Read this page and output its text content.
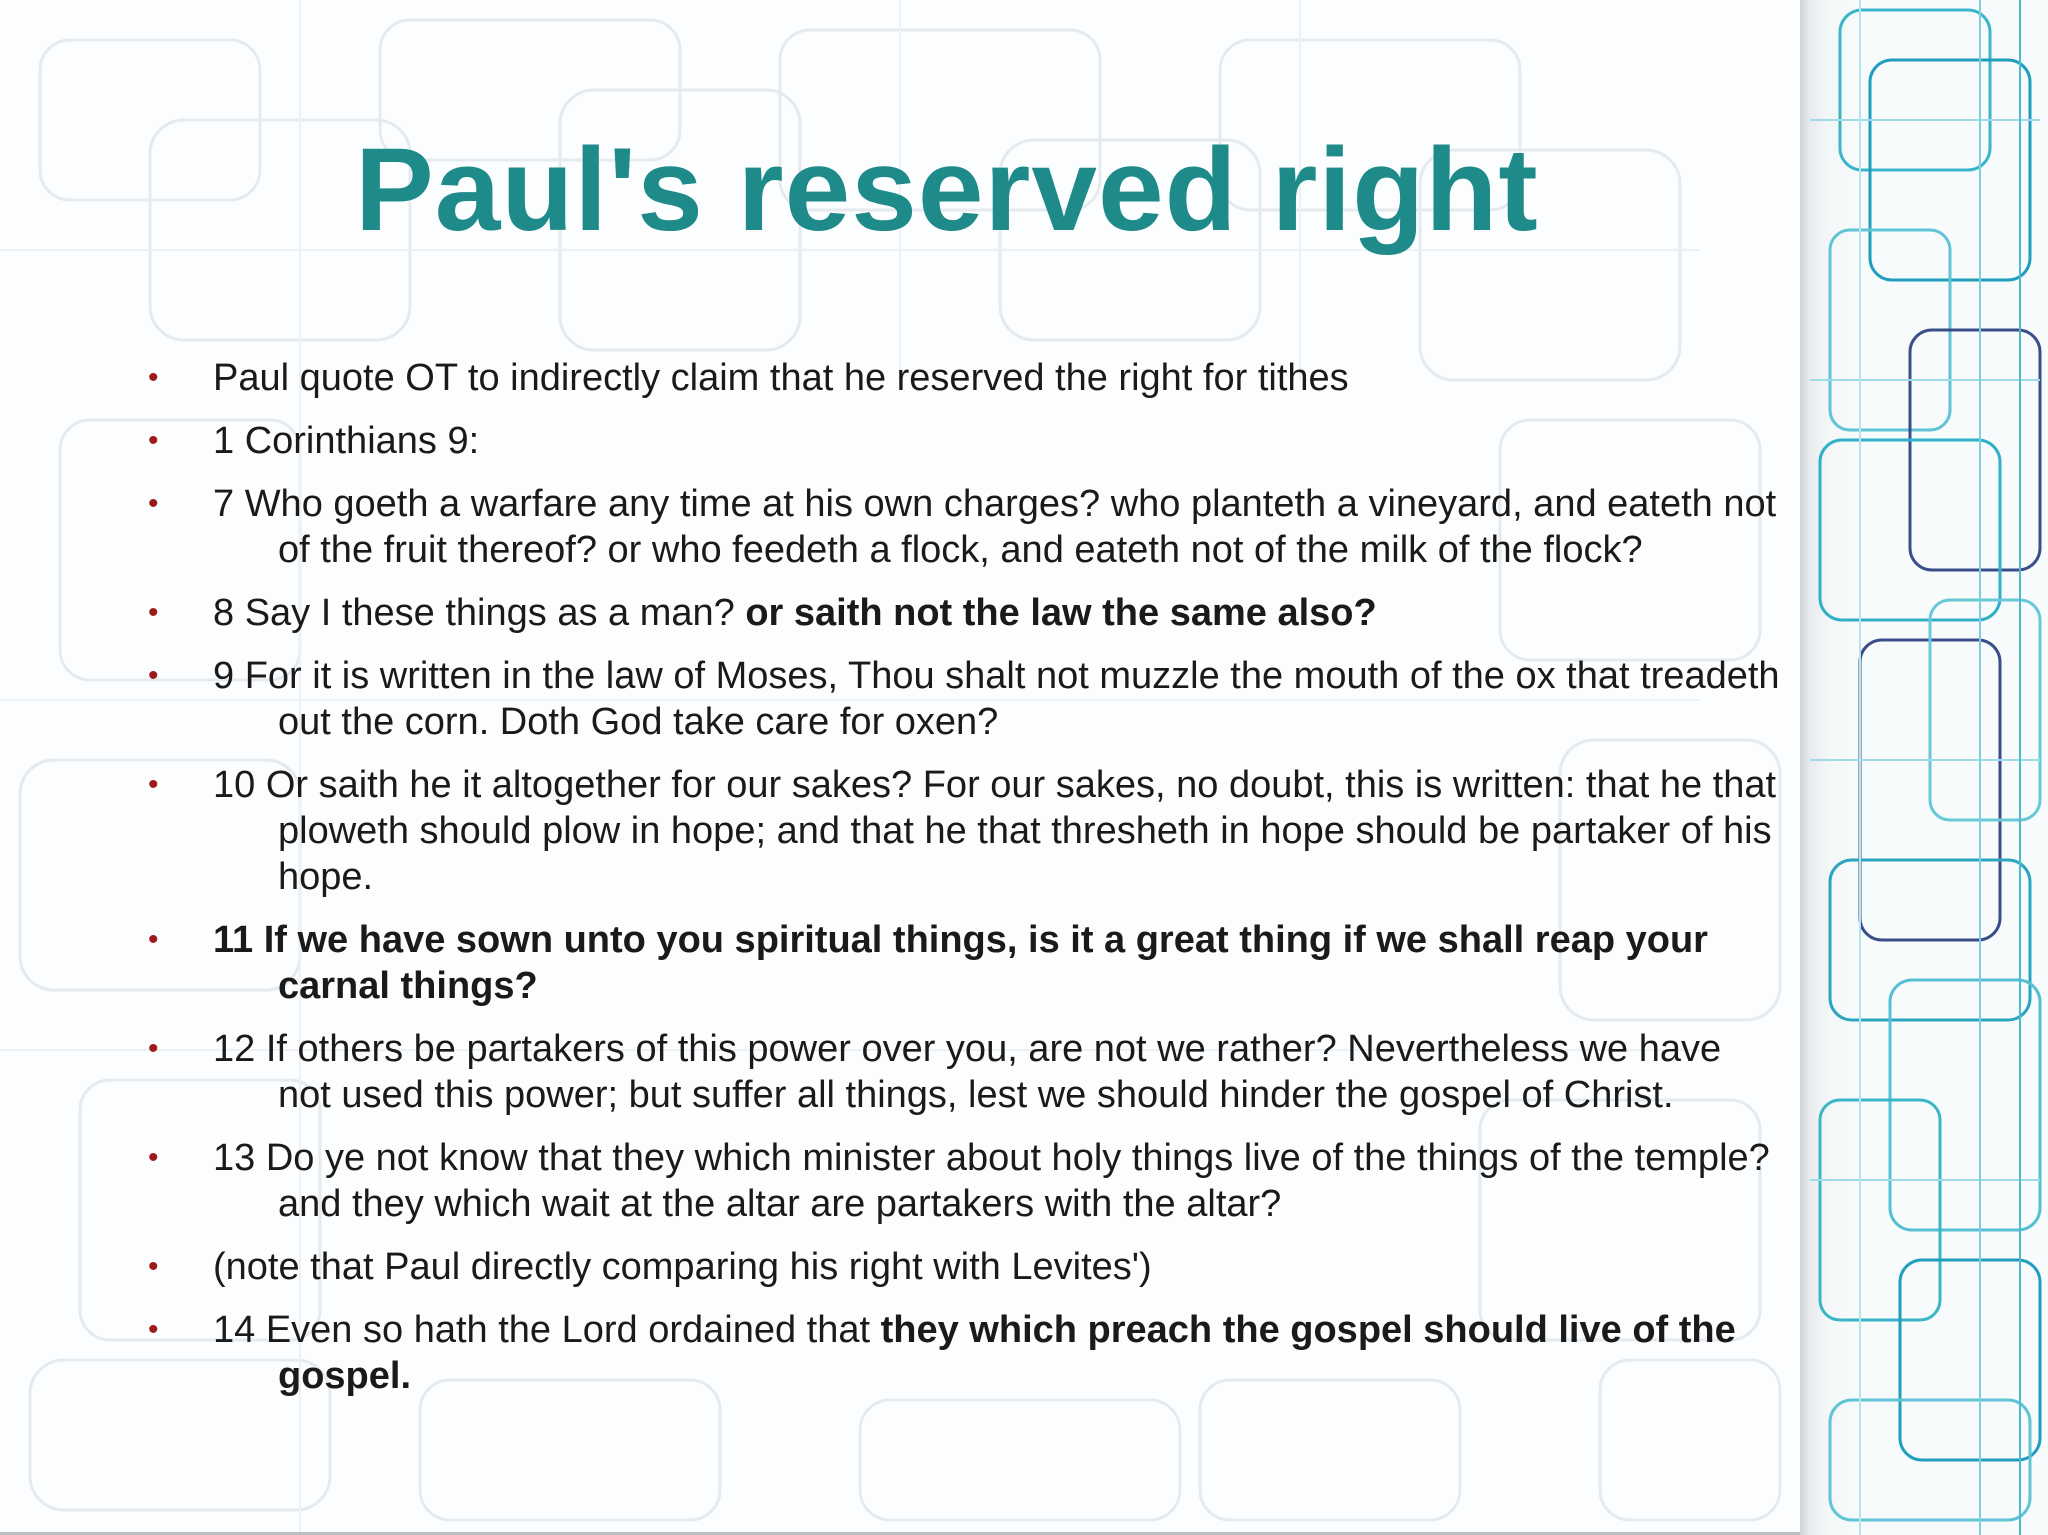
Paul's reserved right
• Paul quote OT to indirectly claim that he reserved the right for tithes
• 1 Corinthians 9:
• 7 Who goeth a warfare any time at his own charges? who planteth a vineyard, and eateth not of the fruit thereof? or who feedeth a flock, and eateth not of the milk of the flock?
• 8 Say I these things as a man? or saith not the law the same also?
• 9 For it is written in the law of Moses, Thou shalt not muzzle the mouth of the ox that treadeth out the corn. Doth God take care for oxen?
• 10 Or saith he it altogether for our sakes? For our sakes, no doubt, this is written: that he that ploweth should plow in hope; and that he that thresheth in hope should be partaker of his hope.
• 11 If we have sown unto you spiritual things, is it a great thing if we shall reap your carnal things?
• 12 If others be partakers of this power over you, are not we rather? Nevertheless we have not used this power; but suffer all things, lest we should hinder the gospel of Christ.
• 13 Do ye not know that they which minister about holy things live of the things of the temple? and they which wait at the altar are partakers with the altar?
• (note that Paul directly comparing his right with Levites')
• 14 Even so hath the Lord ordained that they which preach the gospel should live of the gospel.
